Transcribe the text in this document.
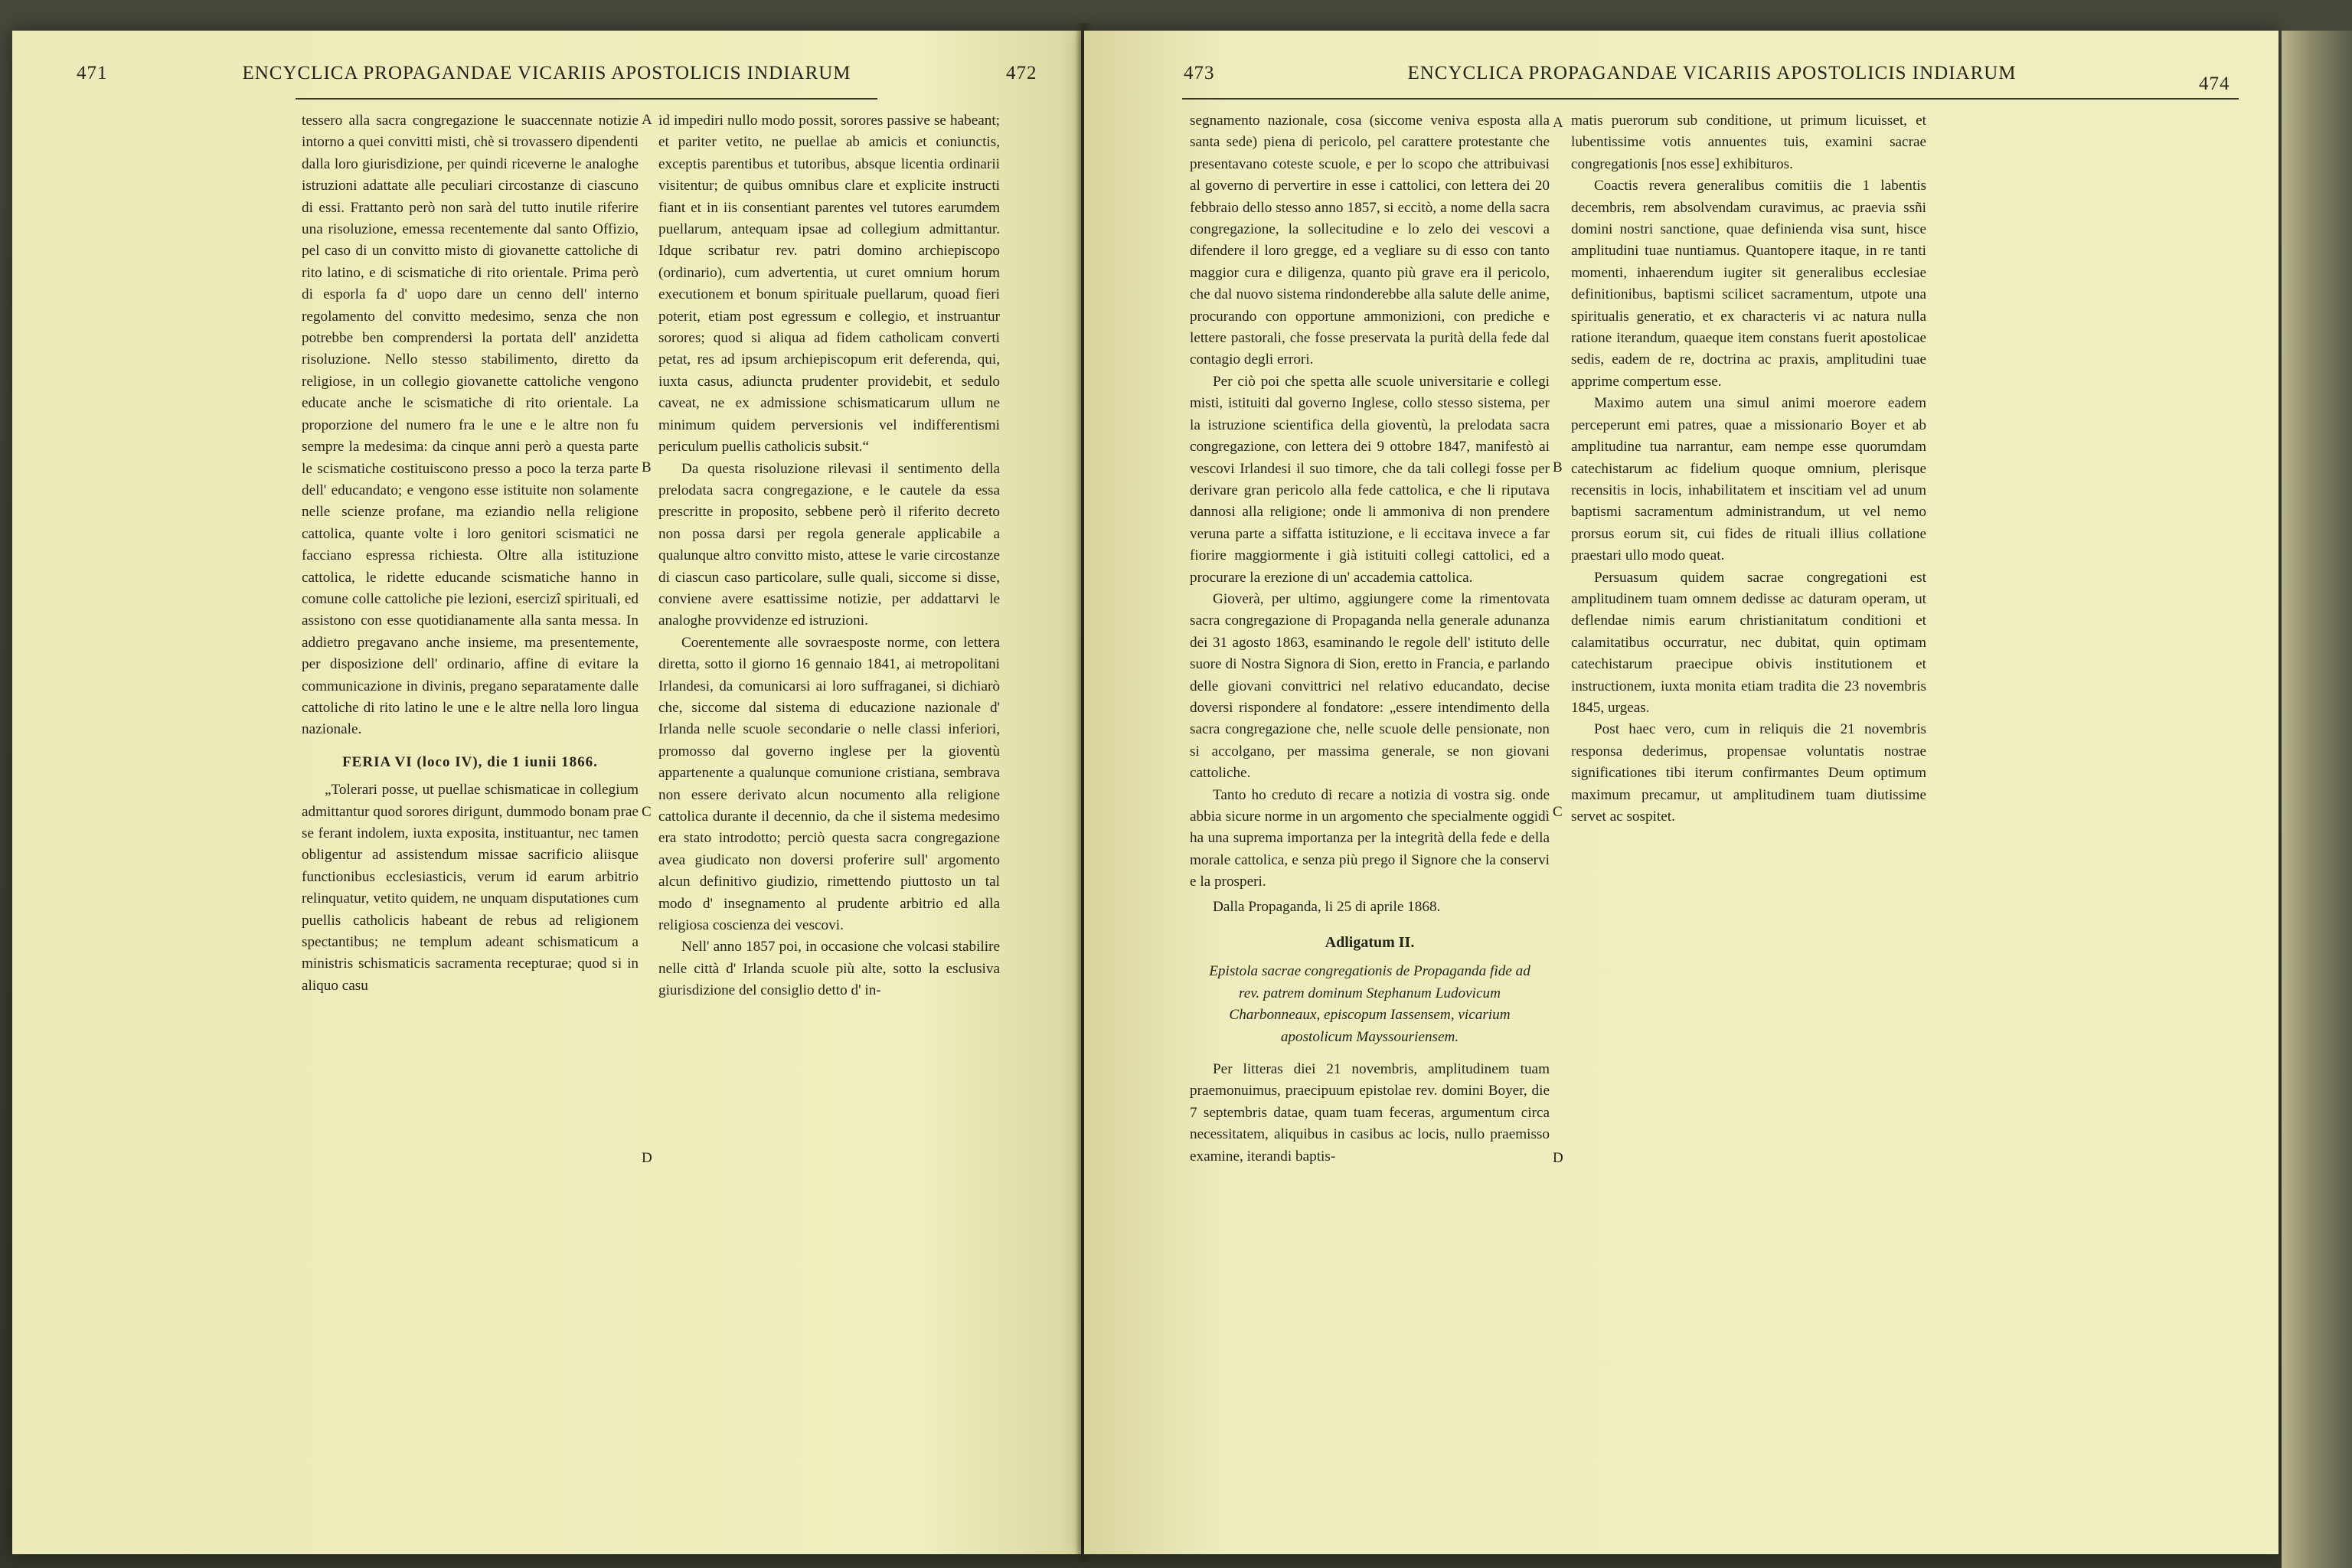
471	ENCYCLICA PROPAGANDAE VICARIIS APOSTOLICIS INDIARUM	472

tessero alla sacra congregazione le suaccennate notizie intorno a quei convitti misti, chè si trovassero dipendenti dalla loro giurisdizione, per quindi riceverne le analoghe istruzioni adattate alle peculiari circostanze di ciascuno di essi. Frattanto però non sarà del tutto inutile riferire una risoluzione, emessa recentemente dal santo Offizio, pel caso di un convitto misto di giovanette cattoliche di rito latino, e di scismatiche di rito orientale. Prima però di esporla fa d' uopo dare un cenno dell' interno regolamento del convitto medesimo, senza che non potrebbe ben comprendersi la portata dell' anzidetta risoluzione. Nello stesso stabilimento, diretto da religiose, in un collegio giovanette cattoliche vengono educate anche le scismatiche di rito orientale. La proporzione del numero fra le une e le altre non fu sempre la medesima: da cinque anni però a questa parte le scismatiche costituiscono presso a poco la terza parte dell' educandato; e vengono esse istituite non solamente nelle scienze profane, ma eziandio nella religione cattolica, quante volte i loro genitori scismatici ne facciano espressa richiesta. Oltre alla istituzione cattolica, le ridette educande scismatiche hanno in comune colle cattoliche pie lezioni, esercizî spirituali, ed assistono con esse quotidianamente alla santa messa. In addietro pregavano anche insieme, ma presentemente, per disposizione dell' ordinario, affine di evitare la communicazione in divinis, pregano separatamente dalle cattoliche di rito latino le une e le altre nella loro lingua nazionale.

FERIA VI (loco IV), die 1 iunii 1866.

„Tolerari posse, ut puellae schismaticae in collegium admittantur quod sorores dirigunt, dummodo bonam prae se ferant indolem, iuxta exposita, instituantur, nec tamen obligentur ad assistendum missae sacrificio aliisque functionibus ecclesiasticis, verum id earum arbitrio relinquatur, vetito quidem, ne unquam disputationes cum puellis catholicis habeant de rebus ad religionem spectantibus; ne templum adeant schismaticum a ministris schismaticis sacramenta recepturae; quod si in aliquo casu

id impediri nullo modo possit, sorores passive se habeant; et pariter vetito, ne puellae ab amicis et coniunctis, exceptis parentibus et tutoribus, absque licentia ordinarii visitentur; de quibus omnibus clare et explicite instructi fiant et in iis consentiant parentes vel tutores earumdem puellarum, antequam ipsae ad collegium admittantur. Idque scribatur rev. patri domino archiepiscopo (ordinario), cum advertentia, ut curet omnium horum executionem et bonum spirituale puellarum, quoad fieri poterit, etiam post egressum e collegio, et instruantur sorores; quod si aliqua ad fidem catholicam converti petat, res ad ipsum archiepiscopum erit deferenda, qui, iuxta casus, adiuncta prudenter providebit, et sedulo caveat, ne ex admissione schismaticarum ullum ne minimum quidem perversionis vel indifferentismi periculum puellis catholicis subsit.“

Da questa risoluzione rilevasi il sentimento della prelodata sacra congregazione, e le cautele da essa prescritte in proposito, sebbene però il riferito decreto non possa darsi per regola generale applicabile a qualunque altro convitto misto, attese le varie circostanze di ciascun caso particolare, sulle quali, siccome si disse, conviene avere esattissime notizie, per addattarvi le analoghe provvidenze ed istruzioni.

Coerentemente alle sovraesposte norme, con lettera diretta, sotto il giorno 16 gennaio 1841, ai metropolitani Irlandesi, da comunicarsi ai loro suffraganei, si dichiarò che, siccome dal sistema di educazione nazionale d' Irlanda nelle scuole secondarie o nelle classi inferiori, promosso dal governo inglese per la gioventù appartenente a qualunque comunione cristiana, sembrava non essere derivato alcun nocumento alla religione cattolica durante il decennio, da che il sistema medesimo era stato introdotto; perciò questa sacra congregazione avea giudicato non doversi proferire sull' argomento alcun definitivo giudizio, rimettendo piuttosto un tal modo d' insegnamento al prudente arbitrio ed alla religiosa coscienza dei vescovi.

Nell' anno 1857 poi, in occasione che volcasi stabilire nelle città d' Irlanda scuole più alte, sotto la esclusiva giurisdizione del consiglio detto d' in-

A
B
C
D
473	ENCYCLICA PROPAGANDAE VICARIIS APOSTOLICIS INDIARUM
474

segnamento nazionale, cosa (siccome veniva esposta alla santa sede) piena di pericolo, pel carattere protestante che presentavano coteste scuole, e per lo scopo che attribuivasi al governo di pervertire in esse i cattolici, con lettera dei 20 febbraio dello stesso anno 1857, si eccitò, a nome della sacra congregazione, la sollecitudine e lo zelo dei vescovi a difendere il loro gregge, ed a vegliare su di esso con tanto maggior cura e diligenza, quanto più grave era il pericolo, che dal nuovo sistema rindonderebbe alla salute delle anime, procurando con opportune ammonizioni, con prediche e lettere pastorali, che fosse preservata la purità della fede dal contagio degli errori.

Per ciò poi che spetta alle scuole universitarie e collegi misti, istituiti dal governo Inglese, collo stesso sistema, per la istruzione scientifica della gioventù, la prelodata sacra congregazione, con lettera dei 9 ottobre 1847, manifestò ai vescovi Irlandesi il suo timore, che da tali collegi fosse per derivare gran pericolo alla fede cattolica, e che li riputava dannosi alla religione; onde li ammoniva di non prendere veruna parte a siffatta istituzione, e li eccitava invece a far fiorire maggiormente i già istituiti collegi cattolici, ed a procurare la erezione di un' accademia cattolica.

Gioverà, per ultimo, aggiungere come la rimentovata sacra congregazione di Propaganda nella generale adunanza dei 31 agosto 1863, esaminando le regole dell' istituto delle suore di Nostra Signora di Sion, eretto in Francia, e parlando delle giovani convittrici nel relativo educandato, decise doversi rispondere al fondatore: „essere intendimento della sacra congregazione che, nelle scuole delle pensionate, non si accolgano, per massima generale, se non giovani cattoliche.

Tanto ho creduto di recare a notizia di vostra sig. onde abbia sicure norme in un argomento che specialmente oggidì ha una suprema importanza per la integrità della fede e della morale cattolica, e senza più prego il Signore che la conservi e la prosperi.

Dalla Propaganda, li 25 di aprile 1868.

Adligatum II.

Epistola sacrae congregationis de Propaganda fide ad rev. patrem dominum Stephanum Ludovicum Charbonneaux, episcopum Iassensem, vicarium apostolicum Mayssouriensem.

Per litteras diei 21 novembris, amplitudinem tuam praemonuimus, praecipuum epistolae rev. domini Boyer, die 7 septembris datae, quam tuam feceras, argumentum circa necessitatem, aliquibus in casibus ac locis, nullo praemisso examine, iterandi baptis-

matis puerorum sub conditione, ut primum licuisset, et lubentissime votis annuentes tuis, examini sacrae congregationis [nos esse] exhibituros.

Coactis revera generalibus comitiis die 1 labentis decembris, rem absolvendam curavimus, ac praevia ssñi domini nostri sanctione, quae definienda visa sunt, hisce amplitudini tuae nuntiamus. Quantopere itaque, in re tanti momenti, inhaerendum iugiter sit generalibus ecclesiae definitionibus, baptismi scilicet sacramentum, utpote una spiritualis generatio, et ex characteris vi ac natura nulla ratione iterandum, quaeque item constans fuerit apostolicae sedis, eadem de re, doctrina ac praxis, amplitudini tuae apprime compertum esse.

Maximo autem una simul animi moerore eadem perceperunt emi patres, quae a missionario Boyer et ab amplitudine tua narrantur, eam nempe esse quorumdam catechistarum ac fidelium quoque omnium, plerisque recensitis in locis, inhabilitatem et inscitiam vel ad unum baptismi sacramentum administrandum, ut vel nemo prorsus eorum sit, cui fides de rituali illius collatione praestari ullo modo queat.

Persuasum quidem sacrae congregationi est amplitudinem tuam omnem dedisse ac daturam operam, ut deflendae nimis earum christianitatum conditioni et calamitatibus occurratur, nec dubitat, quin optimam catechistarum praecipue obivis institutionem et instructionem, iuxta monita etiam tradita die 23 novembris 1845, urgeas.

Post haec vero, cum in reliquis die 21 novembris responsa dederimus, propensae voluntatis nostrae significationes tibi iterum confirmantes Deum optimum maximum precamur, ut amplitudinem tuam diutissime servet ac sospitet.

A
B
C
D
